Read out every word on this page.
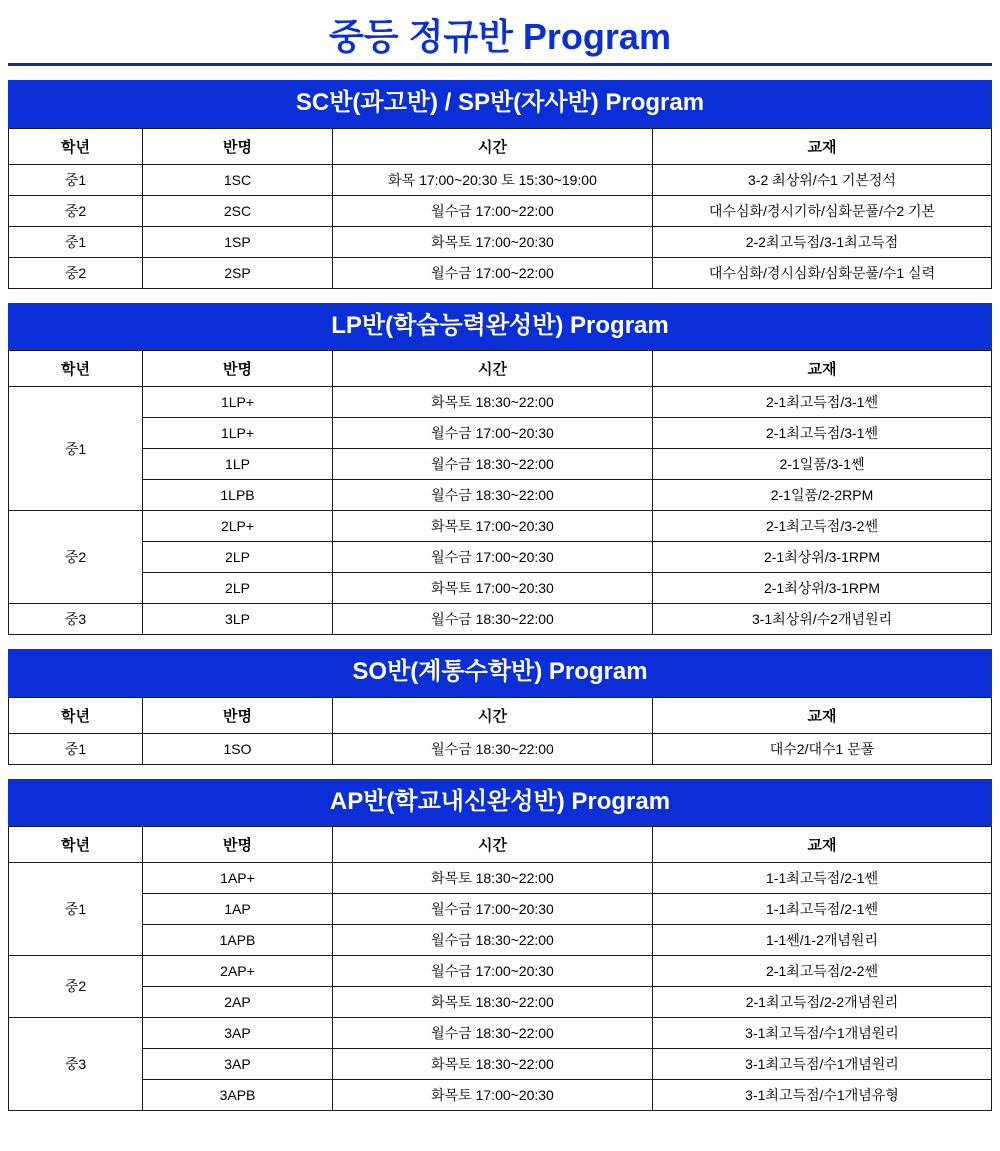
중등 정규반 Program
SC반(과고반) / SP반(자사반) Program
학년	반명	시간	교재
중1	1SC	화목 17:00~20:30 토 15:30~19:00	3-2 최상위/수1 기본정석
중2	2SC	월수금 17:00~22:00	대수심화/경시기하/심화문풀/수2 기본
중1	1SP	화목토 17:00~20:30	2-2최고득점/3-1최고득점
중2	2SP	월수금 17:00~22:00	대수심화/경시심화/심화문풀/수1 실력
LP반(학습능력완성반) Program
학년	반명	시간	교재
중1	1LP+	화목토 18:30~22:00	2-1최고득점/3-1쎈
	1LP+	월수금 17:00~20:30	2-1최고득점/3-1쎈
	1LP	월수금 18:30~22:00	2-1일품/3-1쎈
	1LPB	월수금 18:30~22:00	2-1일품/2-2RPM
중2	2LP+	화목토 17:00~20:30	2-1최고득점/3-2쎈
	2LP	월수금 17:00~20:30	2-1최상위/3-1RPM
	2LP	화목토 17:00~20:30	2-1최상위/3-1RPM
중3	3LP	월수금 18:30~22:00	3-1최상위/수2개념원리
SO반(계통수학반) Program
학년	반명	시간	교재
중1	1SO	월수금 18:30~22:00	대수2/대수1 문풀
AP반(학교내신완성반) Program
학년	반명	시간	교재
중1	1AP+	화목토 18:30~22:00	1-1최고득점/2-1쎈
	1AP	월수금 17:00~20:30	1-1최고득점/2-1쎈
	1APB	월수금 18:30~22:00	1-1쎈/1-2개념원리
중2	2AP+	월수금 17:00~20:30	2-1최고득점/2-2쎈
	2AP	화목토 18:30~22:00	2-1최고득점/2-2개념원리
중3	3AP	월수금 18:30~22:00	3-1최고득점/수1개념원리
	3AP	화목토 18:30~22:00	3-1최고득점/수1개념원리
	3APB	화목토 17:00~20:30	3-1최고득점/수1개념유형
